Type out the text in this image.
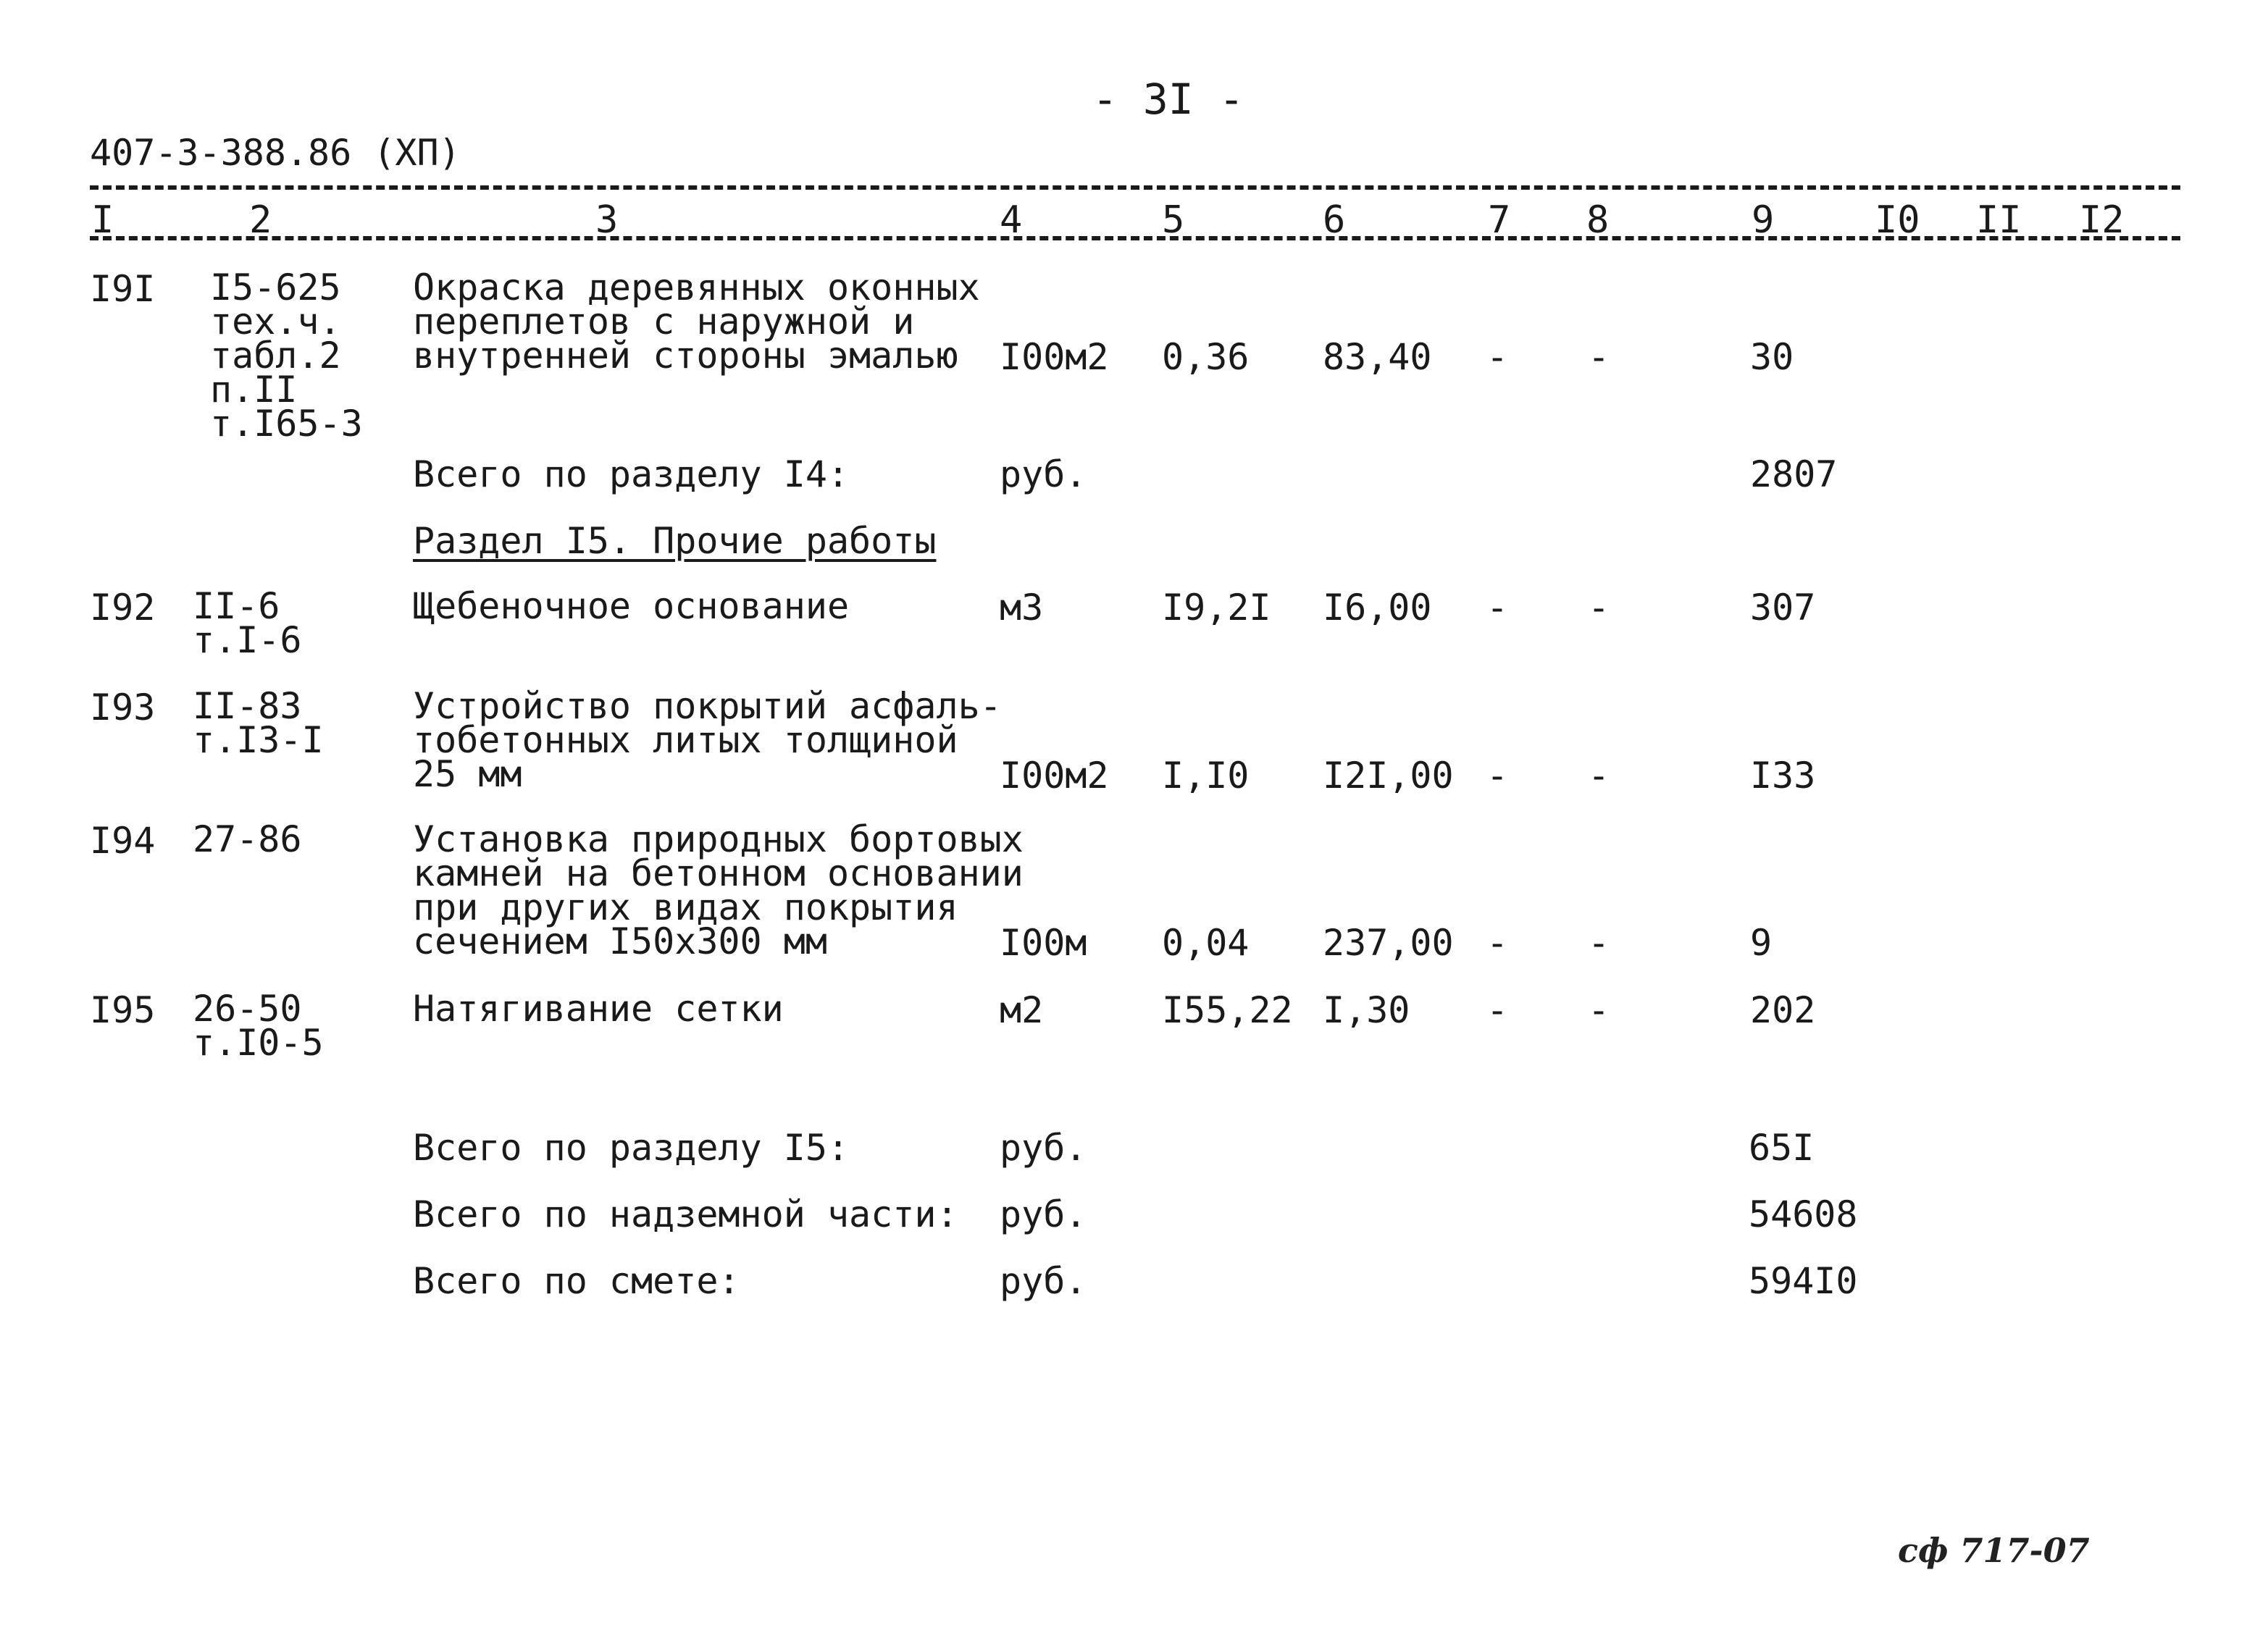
- 3I -
407-3-388.86 (XП)
I	2	3	4	5	6	7 8	9	I0 II I2
I9I	I5-625
тех.ч.
табл.2
п.II
т.I65-3
Окраска деревянных оконных
переплетов с наружной и
внутренней стороны эмалью	I00м2 0,36 83,40 - -	30
Всего по разделу I4:	руб.	2807
Раздел I5. Прочие работы
I92 II-6
т.I-6
Щебеночное основание	м3	I9,2I I6,00 - -	307
I93 II-83
т.I3-I
Устройство покрытий асфаль-
тобетонных литых толщиной
25 мм	I00м2 I,I0 I2I,00 - -	I33
I94 27-86	Установка природных бортовых
камней на бетонном основании
при других видах покрытия
сечением I50x300 мм	I00м 0,04 237,00 - -	9
I95 26-50
т.I0-5
Натягивание сетки	м2	I55,22 I,30 - -	202
Всего по разделу I5:	руб.	65I
Всего по надземной части: руб.	54608
Всего по смете:	руб.	594I0
сф 717-07
